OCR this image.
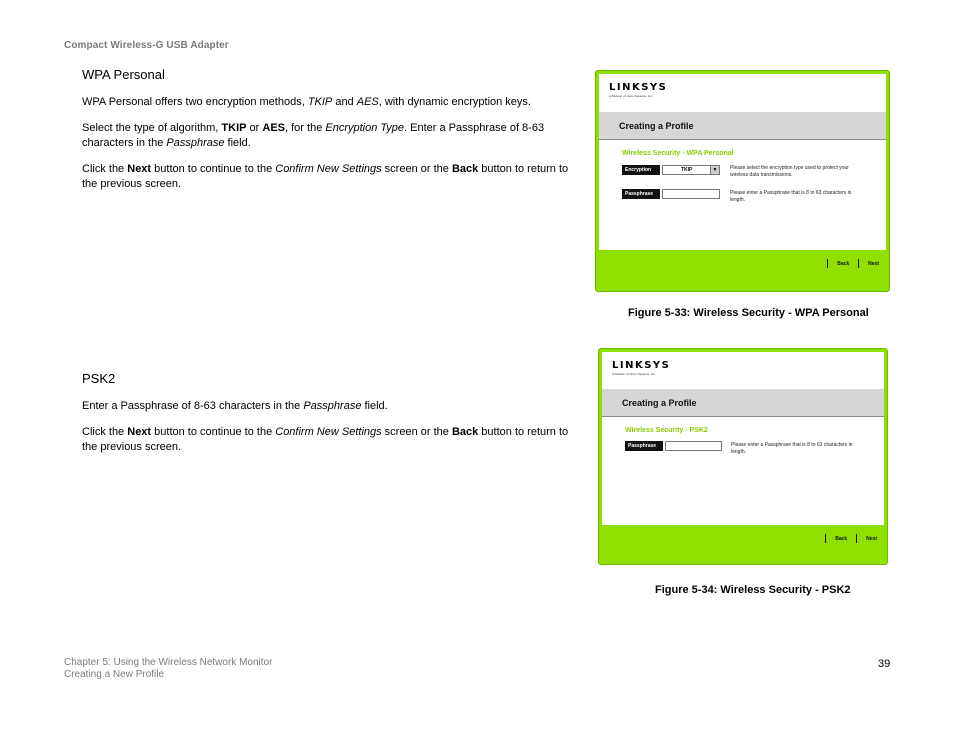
Compact Wireless-G USB Adapter
WPA Personal
WPA Personal offers two encryption methods, TKIP and AES, with dynamic encryption keys.
Select the type of algorithm, TKIP or AES, for the Encryption Type. Enter a Passphrase of 8-63 characters in the Passphrase field.
Click the Next button to continue to the Confirm New Settings screen or the Back button to return to the previous screen.
LINKSYS
A Division of Cisco Systems, Inc.
Creating a Profile
Wireless Security - WPA Personal
Encryption	TKIP	▼	Please select the encryption type used to protect your wireless data transmissions.
Passphrase	Please enter a Passphrase that is 8 to 63 characters in length.
Back	Next
Figure 5-33: Wireless Security - WPA Personal
PSK2
Enter a Passphrase of 8-63 characters in the Passphrase field.
Click the Next button to continue to the Confirm New Settings screen or the Back button to return to the previous screen.
LINKSYS
A Division of Cisco Systems, Inc.
Creating a Profile
Wireless Security - PSK2
Passphrase	Please enter a Passphrase that is 8 to 63 characters in length.
Back	Next
Figure 5-34: Wireless Security - PSK2
Chapter 5: Using the Wireless Network Monitor
Creating a New Profile
39
